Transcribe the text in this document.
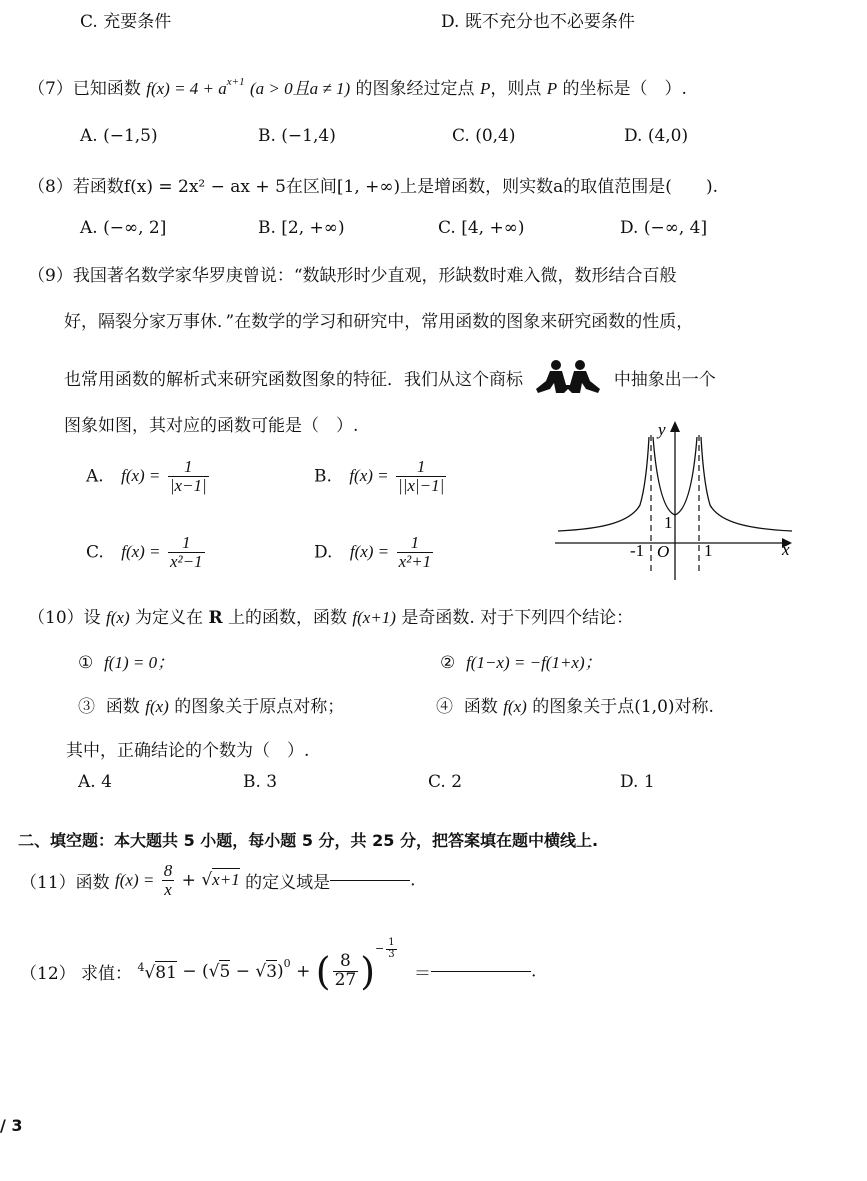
C. 充要条件	D. 既不充分也不必要条件
（7）已知函数 $f(x) = 4 + a^{x+1}$ (a > 0且a ≠ 1) 的图象经过定点 P，则点 P 的坐标是（　）.
A. (−1,5)	B. (−1,4)	C. (0,4)	D. (4,0)
（8）若函数f(x) = 2x² − ax + 5在区间[1, +∞)上是增函数，则实数a的取值范围是(　　).
A. (−∞, 2]	B. [2, +∞)	C. [4, +∞)	D. (−∞, 4]
（9）我国著名数学家华罗庚曾说：“数缺形时少直观，形缺数时难入微，数形结合百般
好，隔裂分家万事休．”在数学的学习和研究中，常用函数的图象来研究函数的性质，
也常用函数的解析式来研究函数图象的特征．我们从这个商标	中抽象出一个
图象如图，其对应的函数可能是（　）.
A. $f(x) = \frac{1}{|x-1|}$	B. $f(x) = \frac{1}{||x|-1|}$
C. $f(x) = \frac{1}{\text{x²−1}}$	D. $f(x) = \frac{1}{\text{x²+1}}$
y
x
O
-1	1
1
（10）设 f(x) 为定义在 R 上的函数，函数 f(x+1) 是奇函数. 对于下列四个结论：
① f(1) = 0；	② f(1−x) = −f(1+x)；
③ 函数 f(x) 的图象关于原点对称；	④ 函数 f(x) 的图象关于点(1,0)对称.
其中，正确结论的个数为（　）.
A. 4	B. 3	C. 2	D. 1
二、填空题：本大题共 5 小题，每小题 5 分，共 25 分，把答案填在题中横线上.
（11）函数 $f(x) = \frac{8}{x} + √x+1$ 的定义域是	.
（12） 求值： $^4√81 - (√5 - √3)^0$ + ( $\frac{8}{27}$ )− $\frac{1}{3}$
＝	.
/ 3
